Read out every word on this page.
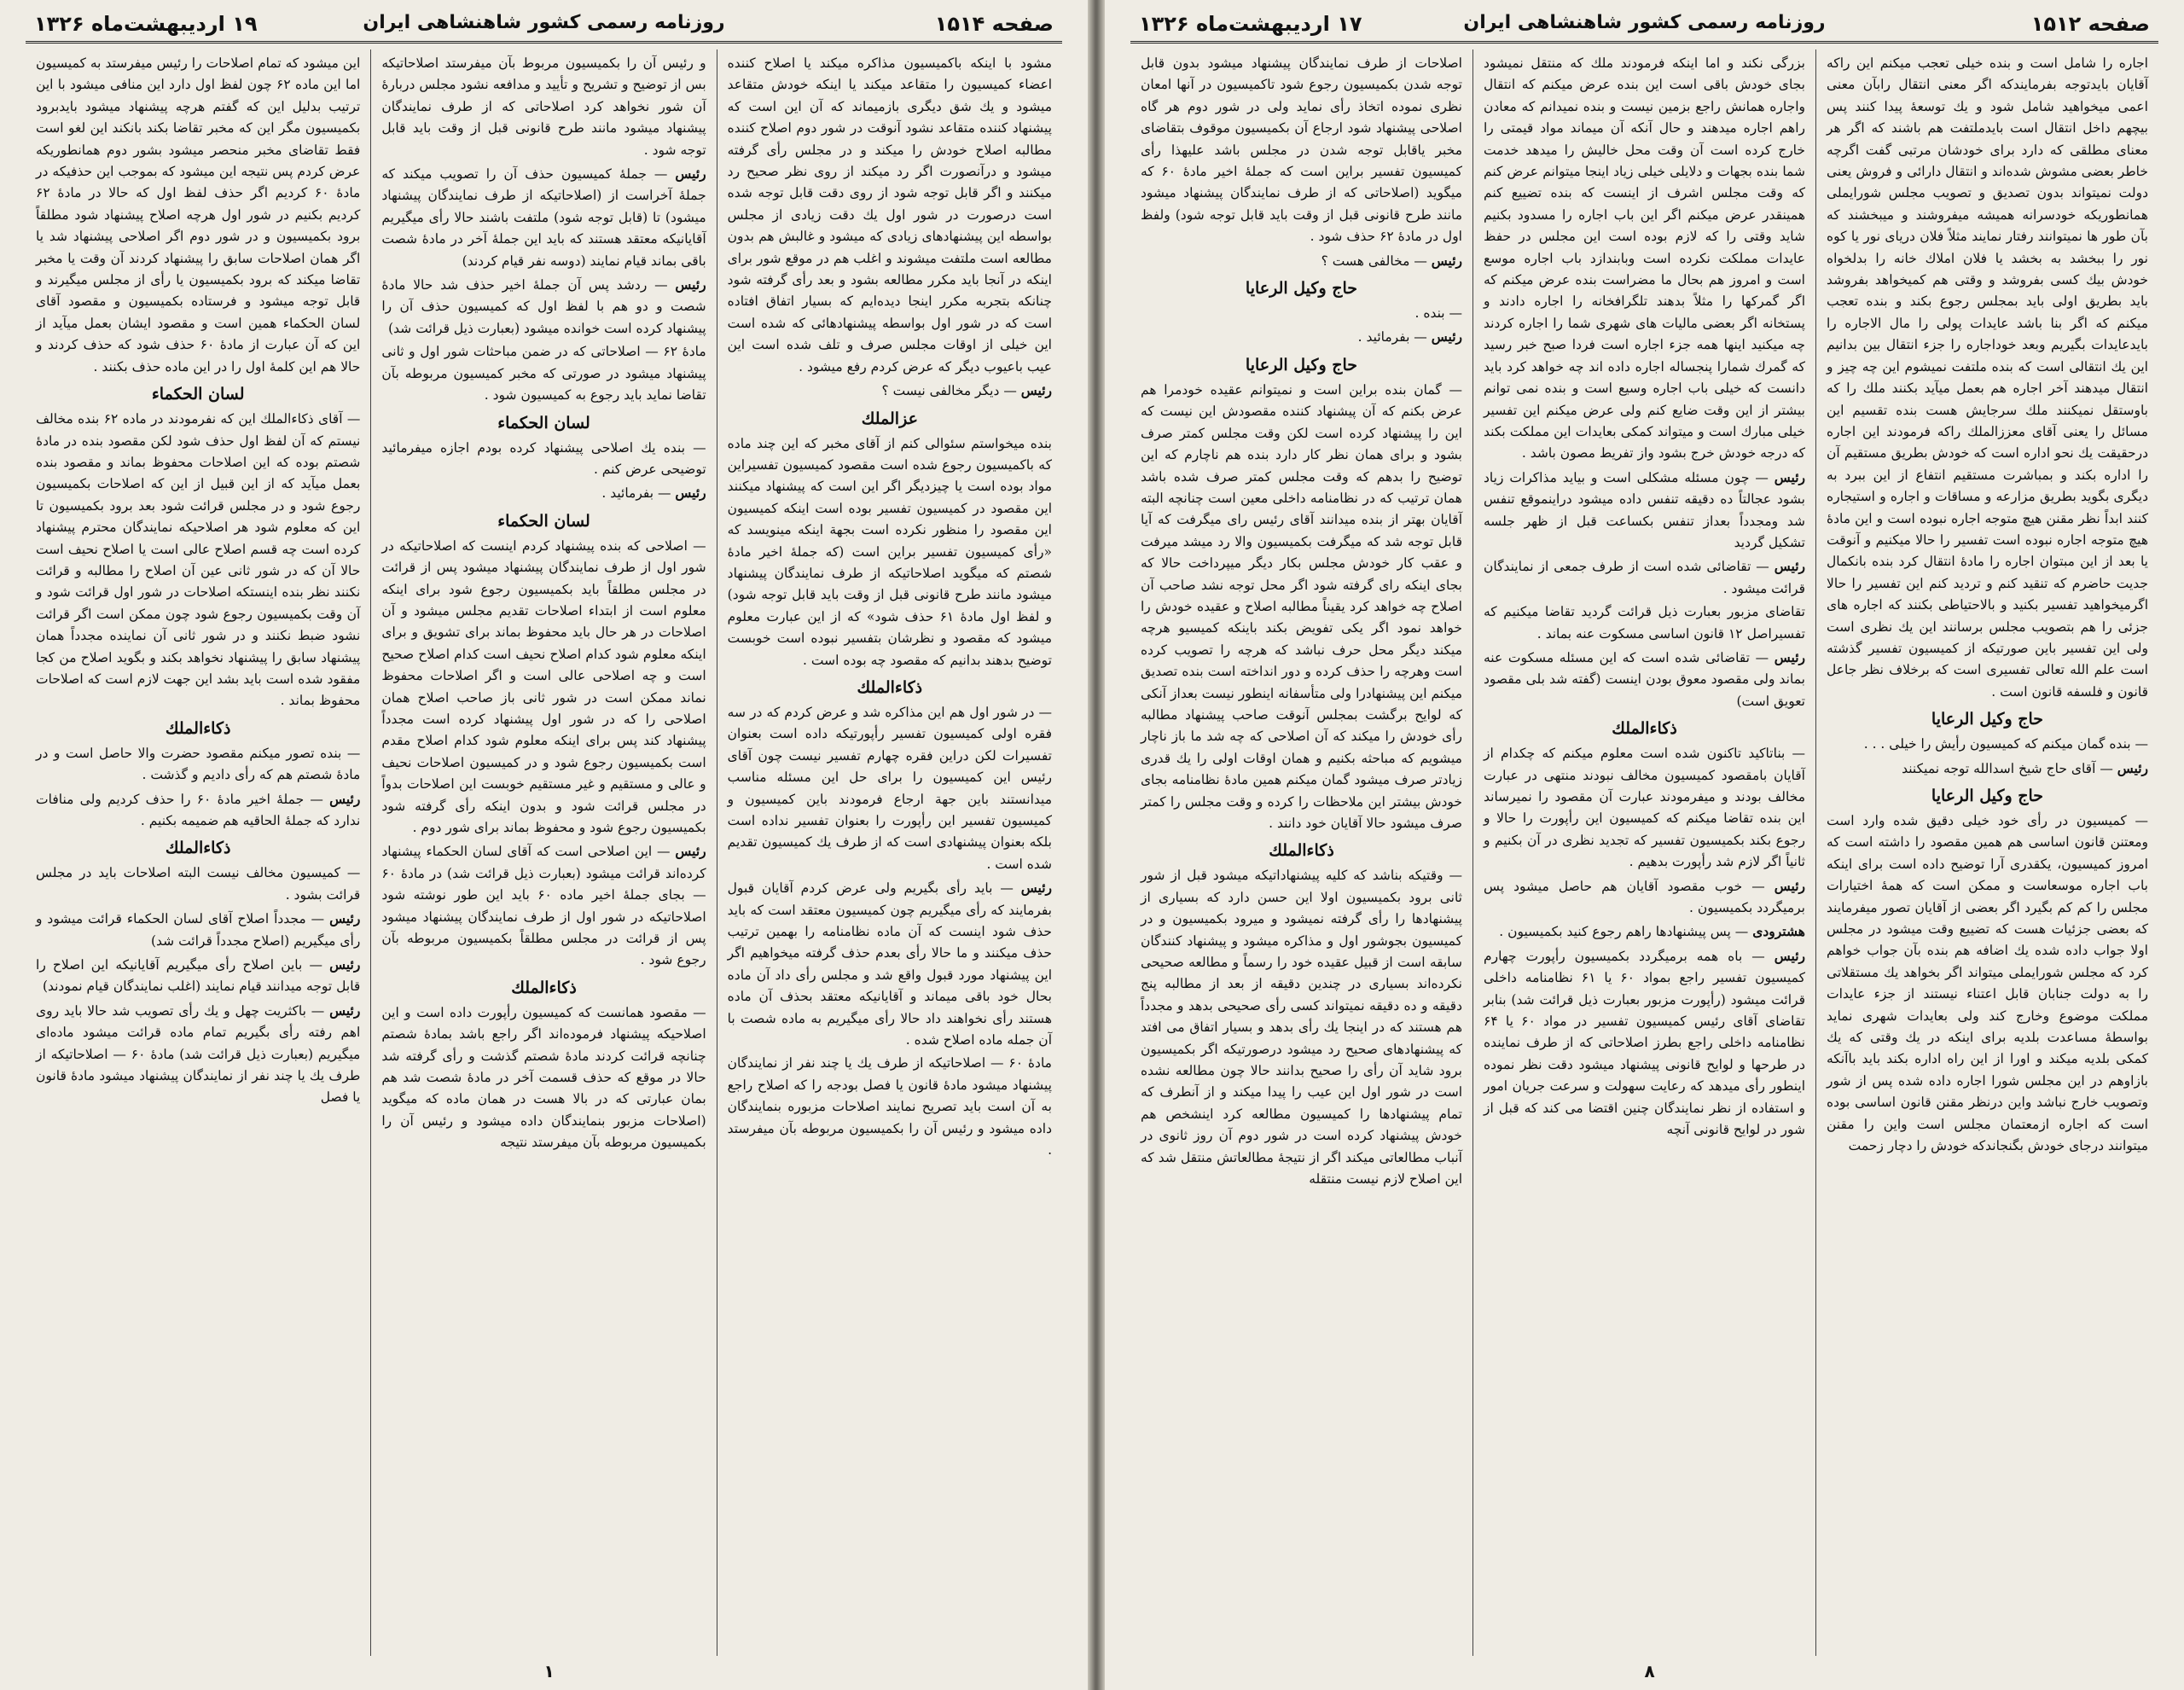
صفحه ۱۵۱۲
روزنامه رسمی کشور شاهنشاهی ایران
۱۷ اردیبهشت‌ماه ۱۳۲۶

اجاره را شامل است و بنده خیلی تعجب میکنم این راکه آقایان بایدتوجه بفرمایندکه اگر معنی انتقال رابآن معنی اعمی میخواهید شامل شود و یك توسعهٔ پیدا کنند پس بیچهم داخل انتقال است بایدملتفت هم باشند که اگر هر معنای مطلقی که دارد برای خودشان مرتبی گفت اگرچه خاطر بعضی مشوش شده‌اند و انتقال دارائی و فروش یعنی دولت نمیتواند بدون تصدیق و تصویب مجلس شورایملی همانطوریکه خودسرانه همیشه میفروشند و میبخشند که بآن طور ها نمیتوانند رفتار نمایند مثلاً فلان دریای نور یا کوه نور را ببخشد به بخشد یا فلان املاك خانه را بدلخواه خودش بیك کسی بفروشد و وقتی هم کمیخواهد بفروشد باید بطریق اولی باید بمجلس رجوع بکند و بنده تعجب میکنم که اگر بنا باشد عایدات پولی را مال الاجاره را بایدعایدات بگیریم وبعد خوداجاره را جزء انتقال بین بدانیم این یك انتقالی است که بنده ملتفت نمیشوم این چه چیز و انتقال میدهند آخر اجاره هم بعمل میآید بکنند ملك را که باوستقل نمیکنند ملك سرجایش هست بنده تقسیم این مسائل را یعنی آقای معززالملك راکه فرمودند این اجاره درحقیقت یك نحو اداره است که خودش بطریق مستقیم آن را اداره بکند و بمباشرت مستقیم انتفاع از این ببرد به دیگری بگوید بطریق مزارعه و مساقات و اجاره و استیجاره کنند ابداً نظر مقنن هیچ متوجه اجاره نبوده است و این مادهٔ هیچ متوجه اجاره نبوده است تفسیر را حالا میکنیم و آنوقت یا بعد از این مبتوان اجاره را مادهٔ انتقال کرد بنده بانکمال جدیت حاضرم که تنقید کنم و تردید کنم این تفسیر را حالا اگرمیخواهید تفسیر بکنید و بالاحتیاطی بکنند که اجاره های جزئی را هم بتصویب مجلس برسانند این یك نظری است ولی این تفسیر باین صورتیکه از کمیسیون تفسیر گذشته است علم الله تعالی تفسیری است که برخلاف نظر جاعل قانون و فلسفه قانون است .

حاج وکیل الرعایا

— بنده گمان میکنم که کمیسیون رأیش را خیلی . . .

رئیس — آقای حاج شیخ اسدالله توجه نمیکنند

حاج وکیل الرعایا

— کمیسیون در رأی خود خیلی دقیق شده وارد است ومعتنن قانون اساسی هم همین مقصود را داشته است که امروز کمیسیون، یکقدری آرا توضیح داده است برای اینکه باب اجاره موسعاست و ممکن است که همهٔ اختیارات مجلس را کم کم بگیرد اگر بعضی از آقایان تصور میفرمایند که بعضی جزئیات هست که تضییع وقت میشود در مجلس اولا جواب داده شده یك اضافه هم بنده بآن جواب خواهم کرد که مجلس شورایملی میتواند اگر بخواهد یك مستقلاتی را به دولت جنابان قابل اعتناء نیستند از جزء عایدات مملکت موضوع وخارج کند ولی بعایدات شهری نماید بواسطهٔ مساعدت بلدیه برای اینکه در یك وقتی که یك کمکی بلدیه میکند و اورا از این راه اداره بکند باید باآنکه بازاوهم در این مجلس شورا اجاره داده شده پس از شور وتصویب خارج نباشد واین درنظر مقنن قانون اساسی بوده است که اجاره ازمعتمان مجلس است واین را مقنن میتوانند درجای خودش بگنجاندکه خودش را دچار زحمت

بزرگی نکند و اما اینکه فرمودند ملك که منتقل نمیشود بجای خودش باقی است این بنده عرض میکنم که انتقال واجاره همانش راجع بزمین نیست و بنده نمیدانم که معادن راهم اجاره میدهند و حال آنکه آن میماند مواد قیمتی را خارج کرده است آن وقت محل خالیش را میدهد خدمت شما بنده بجهات و دلایلی خیلی زیاد اینجا میتوانم عرض کنم که وقت مجلس اشرف از اینست که بنده تضییع کنم همینقدر عرض میکنم اگر این باب اجاره را مسدود بکنیم شاید وقتی را که لازم بوده است این مجلس در حفظ عایدات مملکت نکرده است وبابندازد باب اجاره موسع است و امروز هم بحال ما مضراست بنده عرض میکنم که اگر گمرکها را مثلاً بدهند تلگرافخانه را اجاره دادند و پستخانه اگر بعضی مالیات های شهری شما را اجاره کردند چه میکنید اینها همه جزء اجاره است فردا صبح خبر رسید که گمرك شمارا پنجساله اجاره داده اند چه خواهد کرد باید دانست که خیلی باب اجاره وسیع است و بنده نمی توانم بیشتر از این وقت ضایع کنم ولی عرض میکنم این تفسیر خیلی مبارك است و میتواند کمکی بعایدات این مملکت بکند که درجه خودش خرج بشود واز تفریط مصون باشد .

رئیس — چون مسئله مشکلی است و بیاید مذاکرات زیاد بشود عجالتاً ده دقیقه تنفس داده میشود دراینموقع تنفس شد ومجدداً بعداز تنفس بکساعت قبل از ظهر جلسه تشکیل گردید

رئیس — تقاضائی شده است از طرف جمعی از نمایندگان قرائت میشود .

تقاضای مزبور بعبارت ذیل قرائت گردید تقاضا میکنیم که تفسیراصل ۱۲ قانون اساسی مسکوت عنه بماند .

رئیس — تقاضائی شده است که این مسئله مسکوت عنه بماند ولی مقصود معوق بودن اینست (گفته شد بلی مقصود تعویق است)

ذکاءالملك

— بناتاکید تاکنون شده است معلوم میکنم که چکدام از آقایان بامقصود کمیسیون مخالف نبودند منتهی در عبارت مخالف بودند و میفرمودند عبارت آن مقصود را نمیرساند این بنده تقاضا میکنم که کمیسیون این رأپورت را حالا و رجوع بکند بکمیسیون تفسیر که تجدید نظری در آن بکنیم و ثانیاً اگر لازم شد رأپورت بدهیم .

رئیس — خوب مقصود آقایان هم حاصل میشود پس برمیگردد بکمیسیون .

هشترودی — پس پیشنهادها راهم رجوع کنید بکمیسیون .

رئیس — باه همه برمیگردد بکمیسیون رأپورت چهارم کمیسیون تفسیر راجع بمواد ۶۰ یا ۶۱ نظامنامه داخلی قرائت میشود (رأپورت مزبور بعبارت ذیل قرائت شد) بنابر تقاضای آقای رئیس کمیسیون تفسیر در مواد ۶۰ یا ۶۴ نظامنامه داخلی راجع بطرز اصلاحاتی که از طرف نماینده در طرحها و لوایح قانونی پیشنهاد میشود دقت نظر نموده اینطور رأی میدهد که رعایت سهولت و سرعت جریان امور و استفاده از نظر نمایندگان چنین اقتضا می کند که قبل از شور در لوایح قانونی آنچه

اصلاحات از طرف نمایندگان پیشنهاد میشود بدون قابل توجه شدن بکمیسیون رجوع شود تاکمیسیون در آنها امعان نظری نموده اتخاذ رأی نماید ولی در شور دوم هر گاه اصلاحی پیشنهاد شود ارجاع آن بکمیسیون موقوف بتقاضای مخبر یاقابل توجه شدن در مجلس باشد علیهذا رأی کمیسیون تفسیر براین است که جملهٔ اخیر مادهٔ ۶۰ که میگوید (اصلاحاتی که از طرف نمایندگان پیشنهاد میشود مانند طرح قانونی قبل از وقت باید قابل توجه شود) ولفظ اول در مادهٔ ۶۲ حذف شود .

رئیس — مخالفی هست ؟

حاج وکیل الرعایا

— بنده .

رئیس — بفرمائید .

حاج وکیل الرعایا

— گمان بنده براین است و نمیتوانم عقیده خودمرا هم عرض بکنم که آن پیشنهاد کننده مقصودش این نیست که این را پیشنهاد کرده است لکن وقت مجلس کمتر صرف بشود و برای همان نظر کار دارد بنده هم ناچارم که این توضیح را بدهم که وقت مجلس کمتر صرف شده باشد همان ترتیب که در نظامنامه داخلی معین است چنانچه البته آقایان بهتر از بنده میدانند آقای رئیس رای میگرفت که آیا قابل توجه شد که میگرفت بکمیسیون والا رد میشد میرفت و عقب کار خودش مجلس بکار دیگر میپرداخت حالا که بجای اینکه رای گرفته شود اگر محل توجه نشد صاحب آن اصلاح چه خواهد کرد یقیناً مطالبه اصلاح و عقیده خودش را خواهد نمود اگر یکی تفویض بکند باینکه کمیسیو هرچه میکند دیگر محل حرف نباشد که هرچه را تصویب کرده است وهرچه را حذف کرده و دور انداخته است بنده تصدیق میکنم این پیشنهادرا ولی متأسفانه اینطور نیست بعداز آنکی که لوایح برگشت بمجلس آنوقت صاحب پیشنهاد مطالبه رأی خودش را میکند که آن اصلاحی که چه شد ما باز ناچار میشویم که مباحثه بکنیم و همان اوقات اولی را یك قدری زیادتر صرف میشود گمان میکنم همین مادهٔ نظامنامه بجای خودش بیشتر این ملاحظات را کرده و وقت مجلس را کمتر صرف میشود حالا آقایان خود دانند .

ذکاءالملك

— وقتیکه بناشد که کلیه پیشنهاداتیکه میشود قبل از شور ثانی برود بکمیسیون اولا این حسن دارد که بسیاری از پیشنهادها را رأی گرفته نمیشود و میرود بکمیسیون و در کمیسیون بجوشور اول و مذاکره میشود و پیشنهاد کنندگان سابقه است از قبیل عقیده خود را رسماً و مطالعه صحیحی نکرده‌اند بسیاری در چندین دقیقه از بعد از مطالبه پنج دقیقه و ده دقیقه نمیتواند کسی رأی صحیحی بدهد و مجدداً هم هستند که در اینجا یك رأی بدهد و بسیار اتفاق می افتد که پیشنهادهای صحیح رد میشود درصورتیکه اگر بکمیسیون برود شاید آن رأی را صحیح بدانند حالا چون مطالعه نشده است در شور اول این عیب را پیدا میکند و از آنطرف که تمام پیشنهادها را کمیسیون مطالعه کرد اینشخص هم خودش پیشنهاد کرده است در شور دوم آن روز ثانوی در آنباب مطالعاتی میکند اگر از نتیجهٔ مطالعاتش منتقل شد که این اصلاح لازم نیست منتقله

۸
صفحه ۱۵۱۴
روزنامه رسمی کشور شاهنشاهی ایران
۱۹ اردیبهشت‌ماه ۱۳۲۶

مشود با اینکه باکمیسیون مذاکره میکند یا اصلاح کننده اعضاء کمیسیون را متقاعد میکند یا اینکه خودش متقاعد میشود و یك شق دیگری بازمیماند که آن این است که پیشنهاد کننده متقاعد نشود آنوقت در شور دوم اصلاح کننده مطالبه اصلاح خودش را میکند و در مجلس رأی گرفته میشود و درآنصورت اگر رد میکند از روی نظر صحیح رد میکنند و اگر قابل توجه شود از روی دقت قابل توجه شده است درصورت در شور اول یك دقت زیادی از مجلس بواسطه این پیشنهادهای زیادی که میشود و غالبش هم بدون مطالعه است ملتفت میشوند و اغلب هم در موقع شور برای اینکه در آنجا باید مکرر مطالعه بشود و بعد رأی گرفته شود چنانکه بتجربه مکرر اینجا دیده‌ایم که بسیار اتفاق افتاده است که در شور اول بواسطه پیشنهادهائی که شده است این خیلی از اوقات مجلس صرف و تلف شده است این عیب باعیوب دیگر که عرض کردم رفع میشود .

رئیس — دیگر مخالفی نیست ؟

عزالملك

بنده میخواستم سئوالی کنم از آقای مخبر که این چند ماده که باکمیسیون رجوع شده است مقصود کمیسیون تفسیراین مواد بوده است یا چیزدیگر اگر این است که پیشنهاد میکنند این مقصود در کمیسیون تفسیر بوده است اینکه کمیسیون این مقصود را منظور نکرده است بجهة اینکه مینویسد که «رأی کمیسیون تفسیر براین است (که جملهٔ اخیر مادهٔ شصتم که میگوید اصلاحاتیکه از طرف نمایندگان پیشنهاد میشود مانند طرح قانونی قبل از وقت باید قابل توجه شود) و لفظ اول مادهٔ ۶۱ حذف شود» که از این عبارت معلوم میشود که مقصود و نظرشان بتفسیر نبوده است خوبست توضیح بدهند بدانیم که مقصود چه بوده است .

ذکاءالملك

— در شور اول هم این مذاکره شد و عرض کردم که در سه فقره اولی کمیسیون تفسیر رأپورتیکه داده است بعنوان تفسیرات لکن دراین فقره چهارم تفسیر نیست چون آقای رئیس این کمیسیون را برای حل این مسئله مناسب میدانستند باین جهة ارجاع فرمودند باین کمیسیون و کمیسیون تفسیر این رأپورت را بعنوان تفسیر نداده است بلکه بعنوان پیشنهادی است که از طرف یك کمیسیون تقدیم شده است .

رئیس — باید رأی بگیریم ولی عرض کردم آقایان قبول بفرمایند که رأی میگیریم چون کمیسیون معتقد است که باید حذف شود اینست که آن ماده نظامنامه را بهمین ترتیب حذف میکنند و ما حالا رأی بعدم حذف گرفته میخواهیم اگر این پیشنهاد مورد قبول واقع شد و مجلس رأی داد آن ماده بحال خود باقی میماند و آقایانیکه معتقد بحذف آن ماده هستند رأی نخواهند داد حالا رأی میگیریم به ماده شصت با آن جمله ماده اصلاح شده .

مادهٔ ۶۰ — اصلاحاتیکه از طرف یك یا چند نفر از نمایندگان پیشنهاد میشود مادهٔ قانون یا فصل بودجه را که اصلاح راجع به آن است باید تصریح نمایند اصلاحات مزبوره بنمایندگان داده میشود و رئیس آن را بکمیسیون مربوطه بآن میفرستد .

و رئیس آن را بکمیسیون مربوط بآن میفرستد اصلاحاتیکه بس از توضیح و تشریح و تأیید و مدافعه نشود مجلس دربارهٔ آن شور نخواهد کرد اصلاحاتی که از طرف نمایندگان پیشنهاد میشود مانند طرح قانونی قبل از وقت باید قابل توجه شود .

رئیس — جملهٔ کمیسیون حذف آن را تصویب میکند که جملهٔ آخراست از (اصلاحاتیکه از طرف نمایندگان پیشنهاد میشود) تا (قابل توجه شود) ملتفت باشند حالا رأی میگیریم آقایانیکه معتقد هستند که باید این جملهٔ آخر در مادهٔ شصت باقی بماند قیام نمایند (دوسه نفر قیام کردند)

رئیس — ردشد پس آن جملهٔ اخیر حذف شد حالا مادهٔ شصت و دو هم با لفظ اول که کمیسیون حذف آن را پیشنهاد کرده است خوانده میشود (بعبارت ذیل قرائت شد)

مادهٔ ۶۲ — اصلاحاتی که در ضمن مباحثات شور اول و ثانی پیشنهاد میشود در صورتی که مخبر کمیسیون مربوطه بآن تقاضا نماید باید رجوع به کمیسیون شود .

لسان الحکماء

— بنده یك اصلاحی پیشنهاد کرده بودم اجازه میفرمائید توضیحی عرض کنم .

رئیس — بفرمائید .

لسان الحکماء

— اصلاحی که بنده پیشنهاد کردم اینست که اصلاحاتیکه در شور اول از طرف نمایندگان پیشنهاد میشود پس از قرائت در مجلس مطلقاً باید بکمیسیون رجوع شود برای اینکه معلوم است از ابتداء اصلاحات تقدیم مجلس میشود و آن اصلاحات در هر حال باید محفوظ بماند برای تشویق و برای اینکه معلوم شود کدام اصلاح نحیف است کدام اصلاح صحیح است و چه اصلاحی عالی است و اگر اصلاحات محفوظ نماند ممکن است در شور ثانی باز صاحب اصلاح همان اصلاحی را که در شور اول پیشنهاد کرده است مجدداً پیشنهاد کند پس برای اینکه معلوم شود کدام اصلاح مقدم است بکمیسیون رجوع شود و در کمیسیون اصلاحات نحیف و عالی و مستقیم و غیر مستقیم خوبست این اصلاحات بدواً در مجلس قرائت شود و بدون اینکه رأی گرفته شود بکمیسیون رجوع شود و محفوظ بماند برای شور دوم .

رئیس — این اصلاحی است که آقای لسان الحکماء پیشنهاد کرده‌اند قرائت میشود (بعبارت ذیل قرائت شد) در مادهٔ ۶۰ — بجای جملهٔ اخیر ماده ۶۰ باید این طور نوشته شود اصلاحاتیکه در شور اول از طرف نمایندگان پیشنهاد میشود پس از قرائت در مجلس مطلقاً بکمیسیون مربوطه بآن رجوع شود .

ذکاءالملك

— مقصود همانست که کمیسیون رأپورت داده است و این اصلاحیکه پیشنهاد فرموده‌اند اگر راجع باشد بمادهٔ شصتم چنانچه قرائت کردند مادهٔ شصتم گذشت و رأی گرفته شد حالا در موقع که حذف قسمت آخر در مادهٔ شصت شد هم بمان عبارتی که در بالا هست در همان ماده که میگوید (اصلاحات مزبور بنمایندگان داده میشود و رئیس آن را بکمیسیون مربوطه بآن میفرستد نتیجه

این میشود که تمام اصلاحات را رئیس میفرستد به کمیسیون اما این ماده ۶۲ چون لفظ اول دارد این منافی میشود با این ترتیب بدلیل این که گفتم هرچه پیشنهاد میشود بایدبرود بکمیسیون مگر این که مخبر تقاضا بکند بانکند این لغو است فقط تقاضای مخبر منحصر میشود بشور دوم همانطوریکه عرض کردم پس نتیجه این میشود که بموجب این حذفیکه در مادهٔ ۶۰ کردیم اگر حذف لفظ اول که حالا در مادهٔ ۶۲ کردیم بکنیم در شور اول هرچه اصلاح پیشنهاد شود مطلقاً برود بکمیسیون و در شور دوم اگر اصلاحی پیشنهاد شد یا اگر همان اصلاحات سابق را پیشنهاد کردند آن وقت یا مخبر تقاضا میکند که برود بکمیسیون یا رأی از مجلس میگیرند و قابل توجه میشود و فرستاده بکمیسیون و مقصود آقای لسان الحکماء همین است و مقصود ایشان بعمل میآید از این که آن عبارت از مادهٔ ۶۰ حذف شود که حذف کردند و حالا هم این کلمهٔ اول را در این ماده حذف بکنند .

لسان الحکماء

— آقای ذکاءالملك این که نفرمودند در ماده ۶۲ بنده مخالف نیستم که آن لفظ اول حذف شود لکن مقصود بنده در مادهٔ شصتم بوده که این اصلاحات محفوظ بماند و مقصود بنده بعمل میآید که از این قبیل از این که اصلاحات بکمیسیون رجوع شود و در مجلس قرائت شود بعد برود بکمیسیون تا این که معلوم شود هر اصلاحیکه نمایندگان محترم پیشنهاد کرده است چه قسم اصلاح عالی است یا اصلاح نحیف است حالا آن که در شور ثانی عین آن اصلاح را مطالبه و قرائت نکنند نظر بنده اینستکه اصلاحات در شور اول قرائت شود و آن وقت بکمیسیون رجوع شود چون ممکن است اگر قرائت نشود ضبط نکنند و در شور ثانی آن نماینده مجدداً همان پیشنهاد سابق را پیشنهاد نخواهد بکند و بگوید اصلاح من کجا مفقود شده است باید بشد این جهت لازم است که اصلاحات محفوظ بماند .

ذکاءالملك

— بنده تصور میکنم مقصود حضرت والا حاصل است و در مادهٔ شصتم هم که رأی دادیم و گذشت .

رئیس — جملهٔ اخیر مادهٔ ۶۰ را حذف کردیم ولی منافات ندارد که جملهٔ الحاقیه هم ضمیمه بکنیم .

ذکاءالملك

— کمیسیون مخالف نیست البته اصلاحات باید در مجلس قرائت بشود .

رئیس — مجدداً اصلاح آقای لسان الحکماء قرائت میشود و رأی میگیریم (اصلاح مجدداً قرائت شد)

رئیس — باین اصلاح رأی میگیریم آقایانیکه این اصلاح را قابل توجه میدانند قیام نمایند (اغلب نمایندگان قیام نمودند)

رئیس — باکثریت چهل و یك رأی تصویب شد حالا باید روی اهم رفته رأی بگیریم تمام ماده قرائت میشود ماده‌ای میگیریم (بعبارت ذیل قرائت شد) مادهٔ ۶۰ — اصلاحاتیکه از طرف یك یا چند نفر از نمایندگان پیشنهاد میشود مادهٔ قانون یا فصل

۱
